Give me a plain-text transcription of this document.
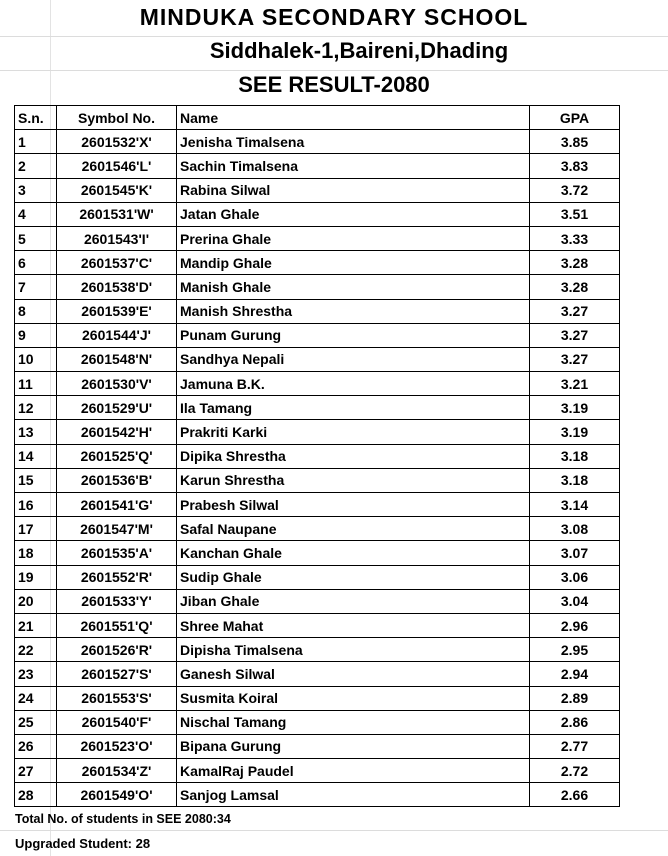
MINDUKA SECONDARY SCHOOL
Siddhalek-1,Baireni,Dhading
SEE RESULT-2080
S.n.	Symbol No.	Name	GPA
1	2601532'X'	Jenisha Timalsena	3.85
2	2601546'L'	Sachin Timalsena	3.83
3	2601545'K'	Rabina Silwal	3.72
4	2601531'W'	Jatan Ghale	3.51
5	2601543'I'	Prerina Ghale	3.33
6	2601537'C'	Mandip Ghale	3.28
7	2601538'D'	Manish Ghale	3.28
8	2601539'E'	Manish Shrestha	3.27
9	2601544'J'	Punam Gurung	3.27
10	2601548'N'	Sandhya Nepali	3.27
11	2601530'V'	Jamuna B.K.	3.21
12	2601529'U'	Ila Tamang	3.19
13	2601542'H'	Prakriti Karki	3.19
14	2601525'Q'	Dipika Shrestha	3.18
15	2601536'B'	Karun Shrestha	3.18
16	2601541'G'	Prabesh Silwal	3.14
17	2601547'M'	Safal Naupane	3.08
18	2601535'A'	Kanchan Ghale	3.07
19	2601552'R'	Sudip Ghale	3.06
20	2601533'Y'	Jiban Ghale	3.04
21	2601551'Q'	Shree Mahat	2.96
22	2601526'R'	Dipisha Timalsena	2.95
23	2601527'S'	Ganesh Silwal	2.94
24	2601553'S'	Susmita Koiral	2.89
25	2601540'F'	Nischal Tamang	2.86
26	2601523'O'	Bipana Gurung	2.77
27	2601534'Z'	KamalRaj Paudel	2.72
28	2601549'O'	Sanjog Lamsal	2.66
Total No. of students in SEE 2080:34
Upgraded Student: 28
